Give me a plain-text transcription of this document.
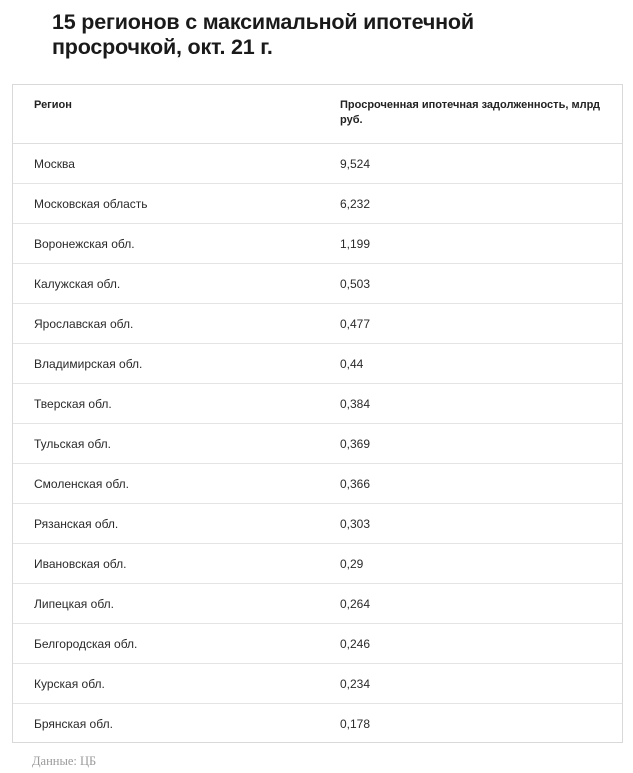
15 регионов с максимальной ипотечной просрочкой, окт. 21 г.
Регион	Просроченная ипотечная задолженность, млрд руб.
Москва	9,524
Московская область	6,232
Воронежская обл.	1,199
Калужская обл.	0,503
Ярославская обл.	0,477
Владимирская обл.	0,44
Тверская обл.	0,384
Тульская обл.	0,369
Смоленская обл.	0,366
Рязанская обл.	0,303
Ивановская обл.	0,29
Липецкая обл.	0,264
Белгородская обл.	0,246
Курская обл.	0,234
Брянская обл.	0,178
Данные: ЦБ
